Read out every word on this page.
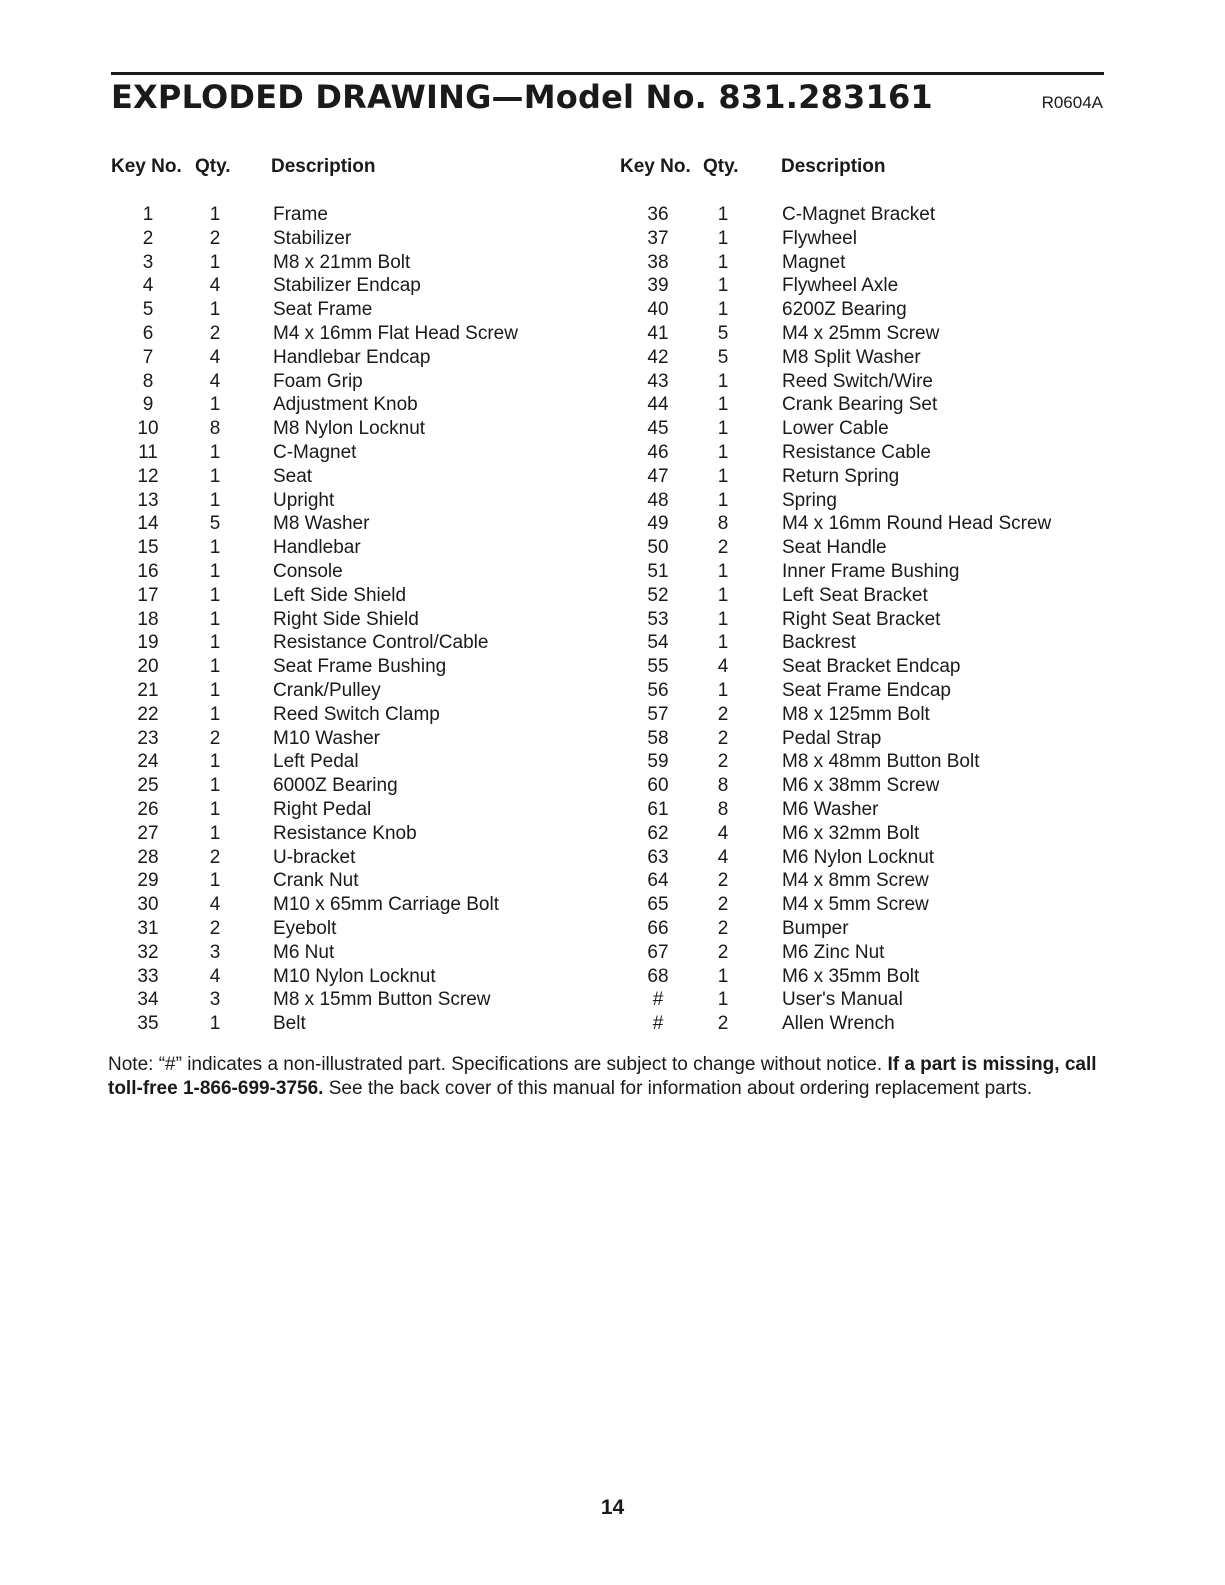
EXPLODED DRAWING—Model No. 831.283161	R0604A
Key No. Qty. Description	Key No. Qty. Description
1	1	Frame
2	2	Stabilizer
3	1	M8 x 21mm Bolt
4	4	Stabilizer Endcap
5	1	Seat Frame
6	2	M4 x 16mm Flat Head Screw
7	4	Handlebar Endcap
8	4	Foam Grip
9	1	Adjustment Knob
10	8	M8 Nylon Locknut
11	1	C-Magnet
12	1	Seat
13	1	Upright
14	5	M8 Washer
15	1	Handlebar
16	1	Console
17	1	Left Side Shield
18	1	Right Side Shield
19	1	Resistance Control/Cable
20	1	Seat Frame Bushing
21	1	Crank/Pulley
22	1	Reed Switch Clamp
23	2	M10 Washer
24	1	Left Pedal
25	1	6000Z Bearing
26	1	Right Pedal
27	1	Resistance Knob
28	2	U-bracket
29	1	Crank Nut
30	4	M10 x 65mm Carriage Bolt
31	2	Eyebolt
32	3	M6 Nut
33	4	M10 Nylon Locknut
34	3	M8 x 15mm Button Screw
35	1	Belt
36	1	C-Magnet Bracket
37	1	Flywheel
38	1	Magnet
39	1	Flywheel Axle
40	1	6200Z Bearing
41	5	M4 x 25mm Screw
42	5	M8 Split Washer
43	1	Reed Switch/Wire
44	1	Crank Bearing Set
45	1	Lower Cable
46	1	Resistance Cable
47	1	Return Spring
48	1	Spring
49	8	M4 x 16mm Round Head Screw
50	2	Seat Handle
51	1	Inner Frame Bushing
52	1	Left Seat Bracket
53	1	Right Seat Bracket
54	1	Backrest
55	4	Seat Bracket Endcap
56	1	Seat Frame Endcap
57	2	M8 x 125mm Bolt
58	2	Pedal Strap
59	2	M8 x 48mm Button Bolt
60	8	M6 x 38mm Screw
61	8	M6 Washer
62	4	M6 x 32mm Bolt
63	4	M6 Nylon Locknut
64	2	M4 x 8mm Screw
65	2	M4 x 5mm Screw
66	2	Bumper
67	2	M6 Zinc Nut
68	1	M6 x 35mm Bolt
#	1	User's Manual
#	2	Allen Wrench
Note: “#” indicates a non-illustrated part. Specifications are subject to change without notice. If a part is missing, call toll-free 1-866-699-3756. See the back cover of this manual for information about ordering replacement parts.
14
